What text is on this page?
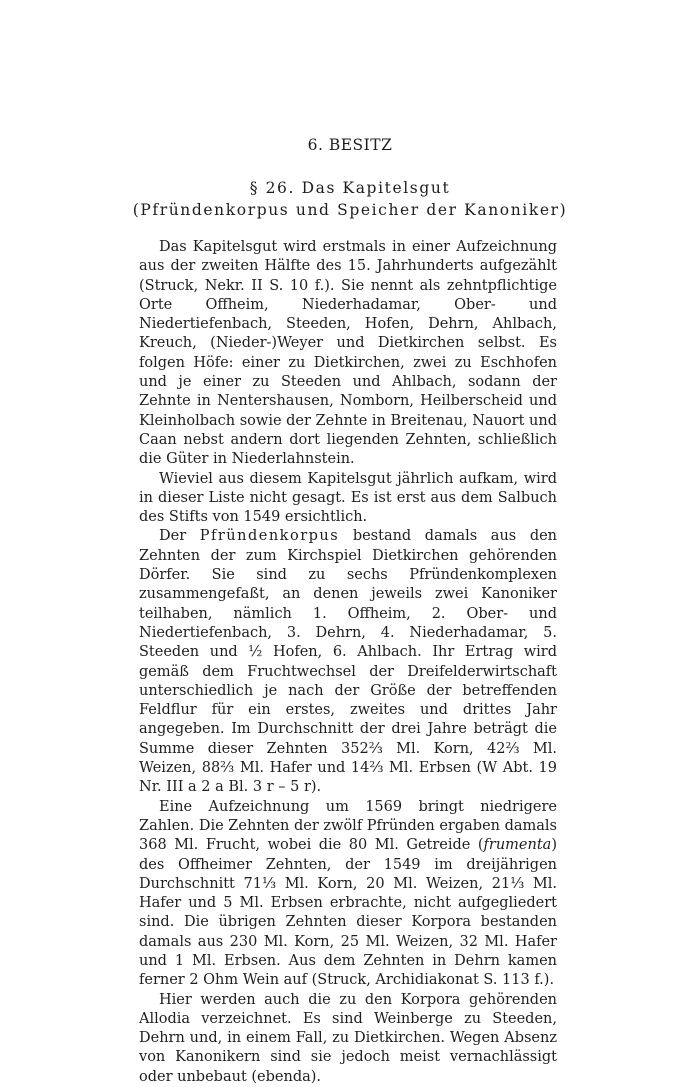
6. BESITZ
§ 26. Das Kapitelsgut
(Pfründenkorpus und Speicher der Kanoniker)

Das Kapitelsgut wird erstmals in einer Aufzeichnung aus der zweiten Hälfte des 15. Jahrhunderts aufgezählt (Struck, Nekr. II S. 10 f.). Sie nennt als zehntpflichtige Orte Offheim, Niederhadamar, Ober- und Niedertiefenbach, Steeden, Hofen, Dehrn, Ahlbach, Kreuch, (Nieder-)Weyer und Dietkirchen selbst. Es folgen Höfe: einer zu Dietkirchen, zwei zu Eschhofen und je einer zu Steeden und Ahlbach, sodann der Zehnte in Nentershausen, Nomborn, Heilberscheid und Kleinholbach sowie der Zehnte in Breitenau, Nauort und Caan nebst andern dort liegenden Zehnten, schließlich die Güter in Niederlahnstein.

Wieviel aus diesem Kapitelsgut jährlich aufkam, wird in dieser Liste nicht gesagt. Es ist erst aus dem Salbuch des Stifts von 1549 ersichtlich.

Der Pfründenkorpus bestand damals aus den Zehnten der zum Kirchspiel Dietkirchen gehörenden Dörfer. Sie sind zu sechs Pfründenkomplexen zusammengefaßt, an denen jeweils zwei Kanoniker teilhaben, nämlich 1. Offheim, 2. Ober- und Niedertiefenbach, 3. Dehrn, 4. Niederhadamar, 5. Steeden und ½ Hofen, 6. Ahlbach. Ihr Ertrag wird gemäß dem Fruchtwechsel der Dreifelderwirtschaft unterschiedlich je nach der Größe der betreffenden Feldflur für ein erstes, zweites und drittes Jahr angegeben. Im Durchschnitt der drei Jahre beträgt die Summe dieser Zehnten 352⅔ Ml. Korn, 42⅔ Ml. Weizen, 88⅔ Ml. Hafer und 14⅔ Ml. Erbsen (W Abt. 19 Nr. III a 2 a Bl. 3 r – 5 r).

Eine Aufzeichnung um 1569 bringt niedrigere Zahlen. Die Zehnten der zwölf Pfründen ergaben damals 368 Ml. Frucht, wobei die 80 Ml. Getreide (frumenta) des Offheimer Zehnten, der 1549 im dreijährigen Durchschnitt 71⅓ Ml. Korn, 20 Ml. Weizen, 21⅓ Ml. Hafer und 5 Ml. Erbsen erbrachte, nicht aufgegliedert sind. Die übrigen Zehnten dieser Korpora bestanden damals aus 230 Ml. Korn, 25 Ml. Weizen, 32 Ml. Hafer und 1 Ml. Erbsen. Aus dem Zehnten in Dehrn kamen ferner 2 Ohm Wein auf (Struck, Archidiakonat S. 113 f.).

Hier werden auch die zu den Korpora gehörenden Allodia verzeichnet. Es sind Weinberge zu Steeden, Dehrn und, in einem Fall, zu Dietkirchen. Wegen Absenz von Kanonikern sind sie jedoch meist vernachlässigt oder unbebaut (ebenda).
